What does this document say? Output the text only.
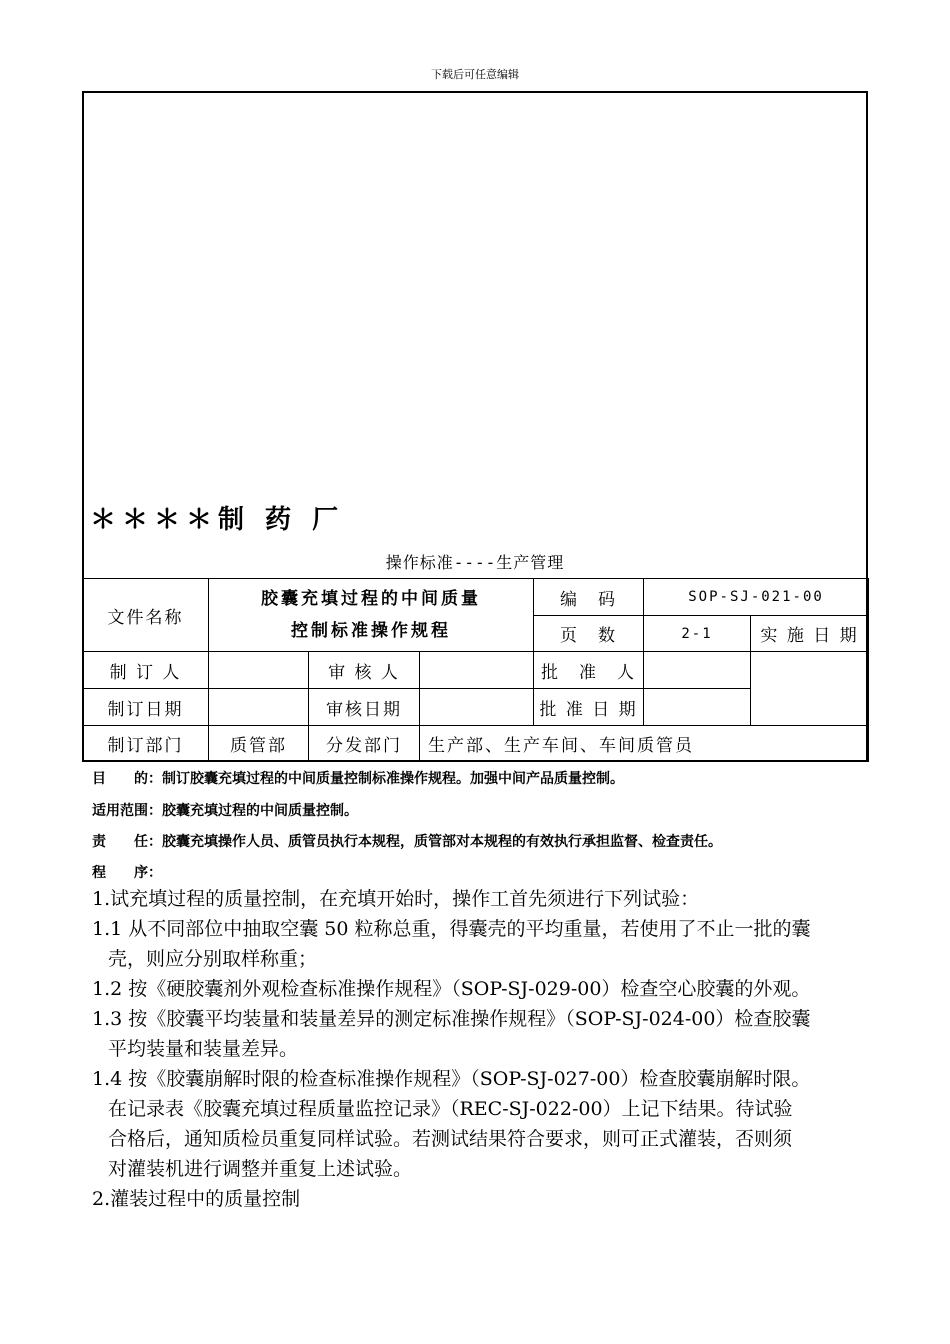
下载后可任意编辑
＊＊＊＊制 药 厂
操作标准----生产管理
文件名称	胶囊充填过程的中间质量
控制标准操作规程			编　码	SOP-SJ-021-00	
				页　数	2-1	实 施 日 期
制 订 人		审 核 人		批　准　人		
制订日期		审核日期		批 准 日 期		
制订部门	质管部	分发部门	生产部、生产车间、车间质管员			
目　　的：制订胶囊充填过程的中间质量控制标准操作规程。加强中间产品质量控制。
适用范围：胶囊充填过程的中间质量控制。
责　　任：胶囊充填操作人员、质管员执行本规程，质管部对本规程的有效执行承担监督、检查责任。
程　　序：

1.试充填过程的质量控制，在充填开始时，操作工首先须进行下列试验：

1.1 从不同部位中抽取空囊 50 粒称总重，得囊壳的平均重量，若使用了不止一批的囊

壳，则应分别取样称重；

1.2 按《硬胶囊剂外观检查标准操作规程》（SOP-SJ-029-00）检查空心胶囊的外观。

1.3 按《胶囊平均装量和装量差异的测定标准操作规程》（SOP-SJ-024-00）检查胶囊

平均装量和装量差异。

1.4 按《胶囊崩解时限的检查标准操作规程》（SOP-SJ-027-00）检查胶囊崩解时限。

在记录表《胶囊充填过程质量监控记录》（REC-SJ-022-00）上记下结果。待试验

合格后，通知质检员重复同样试验。若测试结果符合要求，则可正式灌装，否则须

对灌装机进行调整并重复上述试验。

2.灌装过程中的质量控制
